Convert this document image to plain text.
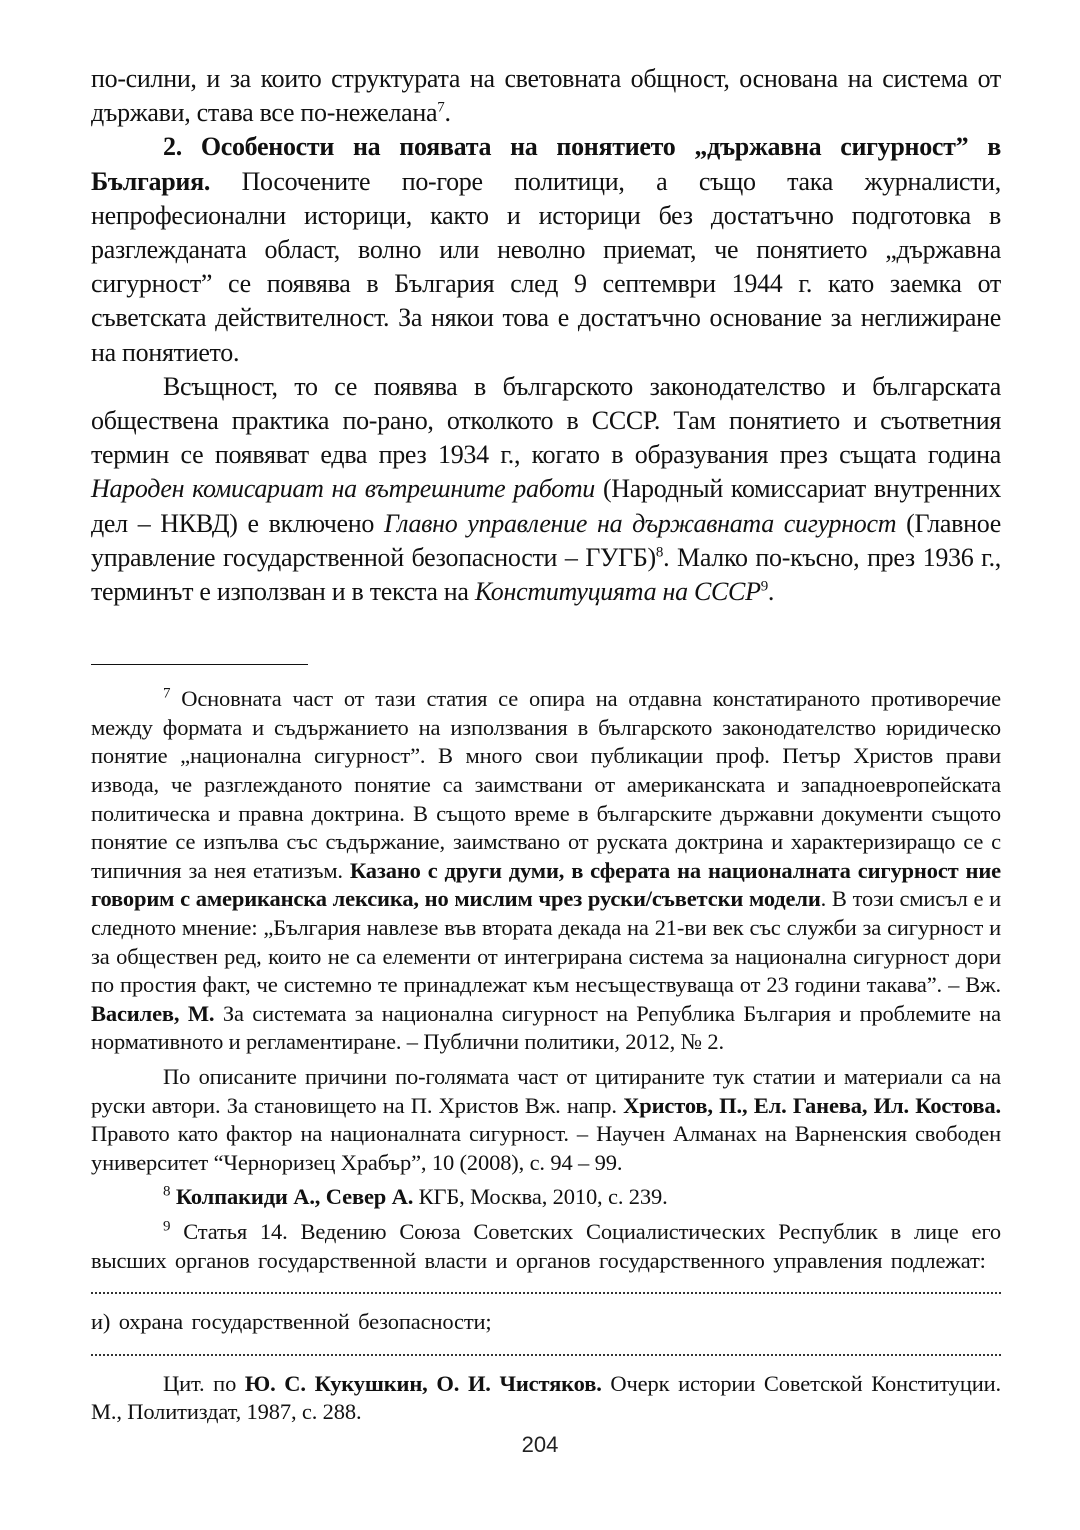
по-силни, и за които структурата на световната общност, основана на система от държави, става все по-нежелана$^7$.

2. Особености на появата на понятието „държавна сигурност” в България. Посочените по-горе политици, а също така журналисти, непрофесионални историци, както и историци без достатъчно подготовка в разглежданата област, волно или неволно приемат, че понятието „държавна сигурност” се появява в България след 9 септември 1944 г. като заемка от съветската действителност. За някои това е достатъчно основание за неглижиране на понятието.

Всъщност, то се появява в българското законодателство и българската обществена практика по-рано, отколкото в СССР. Там понятието и съответния термин се появяват едва през 1934 г., когато в образувания през същата година Народен комисариат на вътрешните работи (Народный комиссариат внутренних дел – НКВД) е включено Главно управление на държавната сигурност (Главное управление государственной безопасности – ГУГБ)$^8$. Малко по-късно, през 1936 г., терминът е използван и в текста на Конституцията на СССР$^9$.

$^7$ Основната част от тази статия се опира на отдавна констатираното противоречие между формата и съдържанието на използвания в българското законодателство юридическо понятие „национална сигурност”. В много свои публикации проф. Петър Христов прави извода, че разглежданото понятие са заимствани от американската и западноевропейската политическа и правна доктрина. В същото време в българските държавни документи същото понятие се изпълва със съдържание, заимствано от руската доктрина и характеризиращо се с типичния за нея етатизъм. Казано с други думи, в сферата на националната сигурност ние говорим с американска лексика, но мислим чрез руски/съветски модели. В този смисъл е и следното мнение: „България навлезе във втората декада на 21-ви век със служби за сигурност и за обществен ред, които не са елементи от интегрирана система за национална сигурност дори по простия факт, че системно те принадлежат към несъществуваща от 23 години такава”. – Вж. Василев, М. За системата за национална сигурност на Република България и проблемите на нормативното и регламентиране. – Публични политики, 2012, № 2.

По описаните причини по-голямата част от цитираните тук статии и материали са на руски автори. За становището на П. Христов Вж. напр. Христов, П., Ел. Ганева, Ил. Костова. Правото като фактор на националната сигурност. – Научен Алманах на Варненския свободен университет “Черноризец Храбър”, 10 (2008), с. 94 – 99.

$^8$ Колпакиди А., Север А. КГБ, Москва, 2010, с. 239.

$^9$ Статья 14. Ведению Союза Советских Социалистических Республик в лице его высших органов государственной власти и органов государственного управления подлежат:

и) охрана государственной безопасности;

Цит. по Ю. С. Кукушкин, О. И. Чистяков. Очерк истории Советской Конституции. М., Политиздат, 1987, с. 288.

204
